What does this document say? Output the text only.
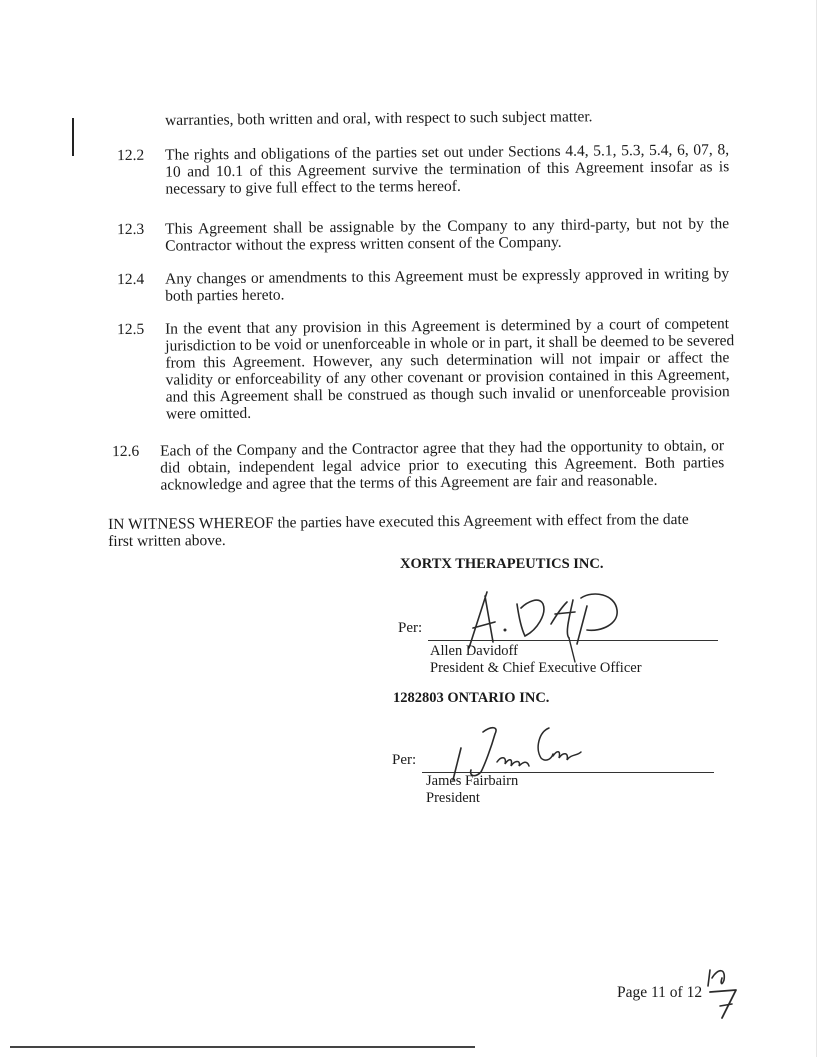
warranties, both written and oral, with respect to such subject matter.
12.2 The rights and obligations of the parties set out under Sections 4.4, 5.1, 5.3, 5.4, 6, 07, 8,
10 and 10.1 of this Agreement survive the termination of this Agreement insofar as is
necessary to give full effect to the terms hereof.
12.3 This Agreement shall be assignable by the Company to any third-party, but not by the
Contractor without the express written consent of the Company.
12.4 Any changes or amendments to this Agreement must be expressly approved in writing by
both parties hereto.
12.5 In the event that any provision in this Agreement is determined by a court of competent
jurisdiction to be void or unenforceable in whole or in part, it shall be deemed to be severed
from this Agreement. However, any such determination will not impair or affect the
validity or enforceability of any other covenant or provision contained in this Agreement,
and this Agreement shall be construed as though such invalid or unenforceable provision
were omitted.
12.6 Each of the Company and the Contractor agree that they had the opportunity to obtain, or
did obtain, independent legal advice prior to executing this Agreement. Both parties
acknowledge and agree that the terms of this Agreement are fair and reasonable.
IN WITNESS WHEREOF the parties have executed this Agreement with effect from the date
first written above.
XORTX THERAPEUTICS INC.
Per:
Allen Davidoff
President & Chief Executive Officer
1282803 ONTARIO INC.
Per:
James Fairbairn
President
Page 11 of 12
